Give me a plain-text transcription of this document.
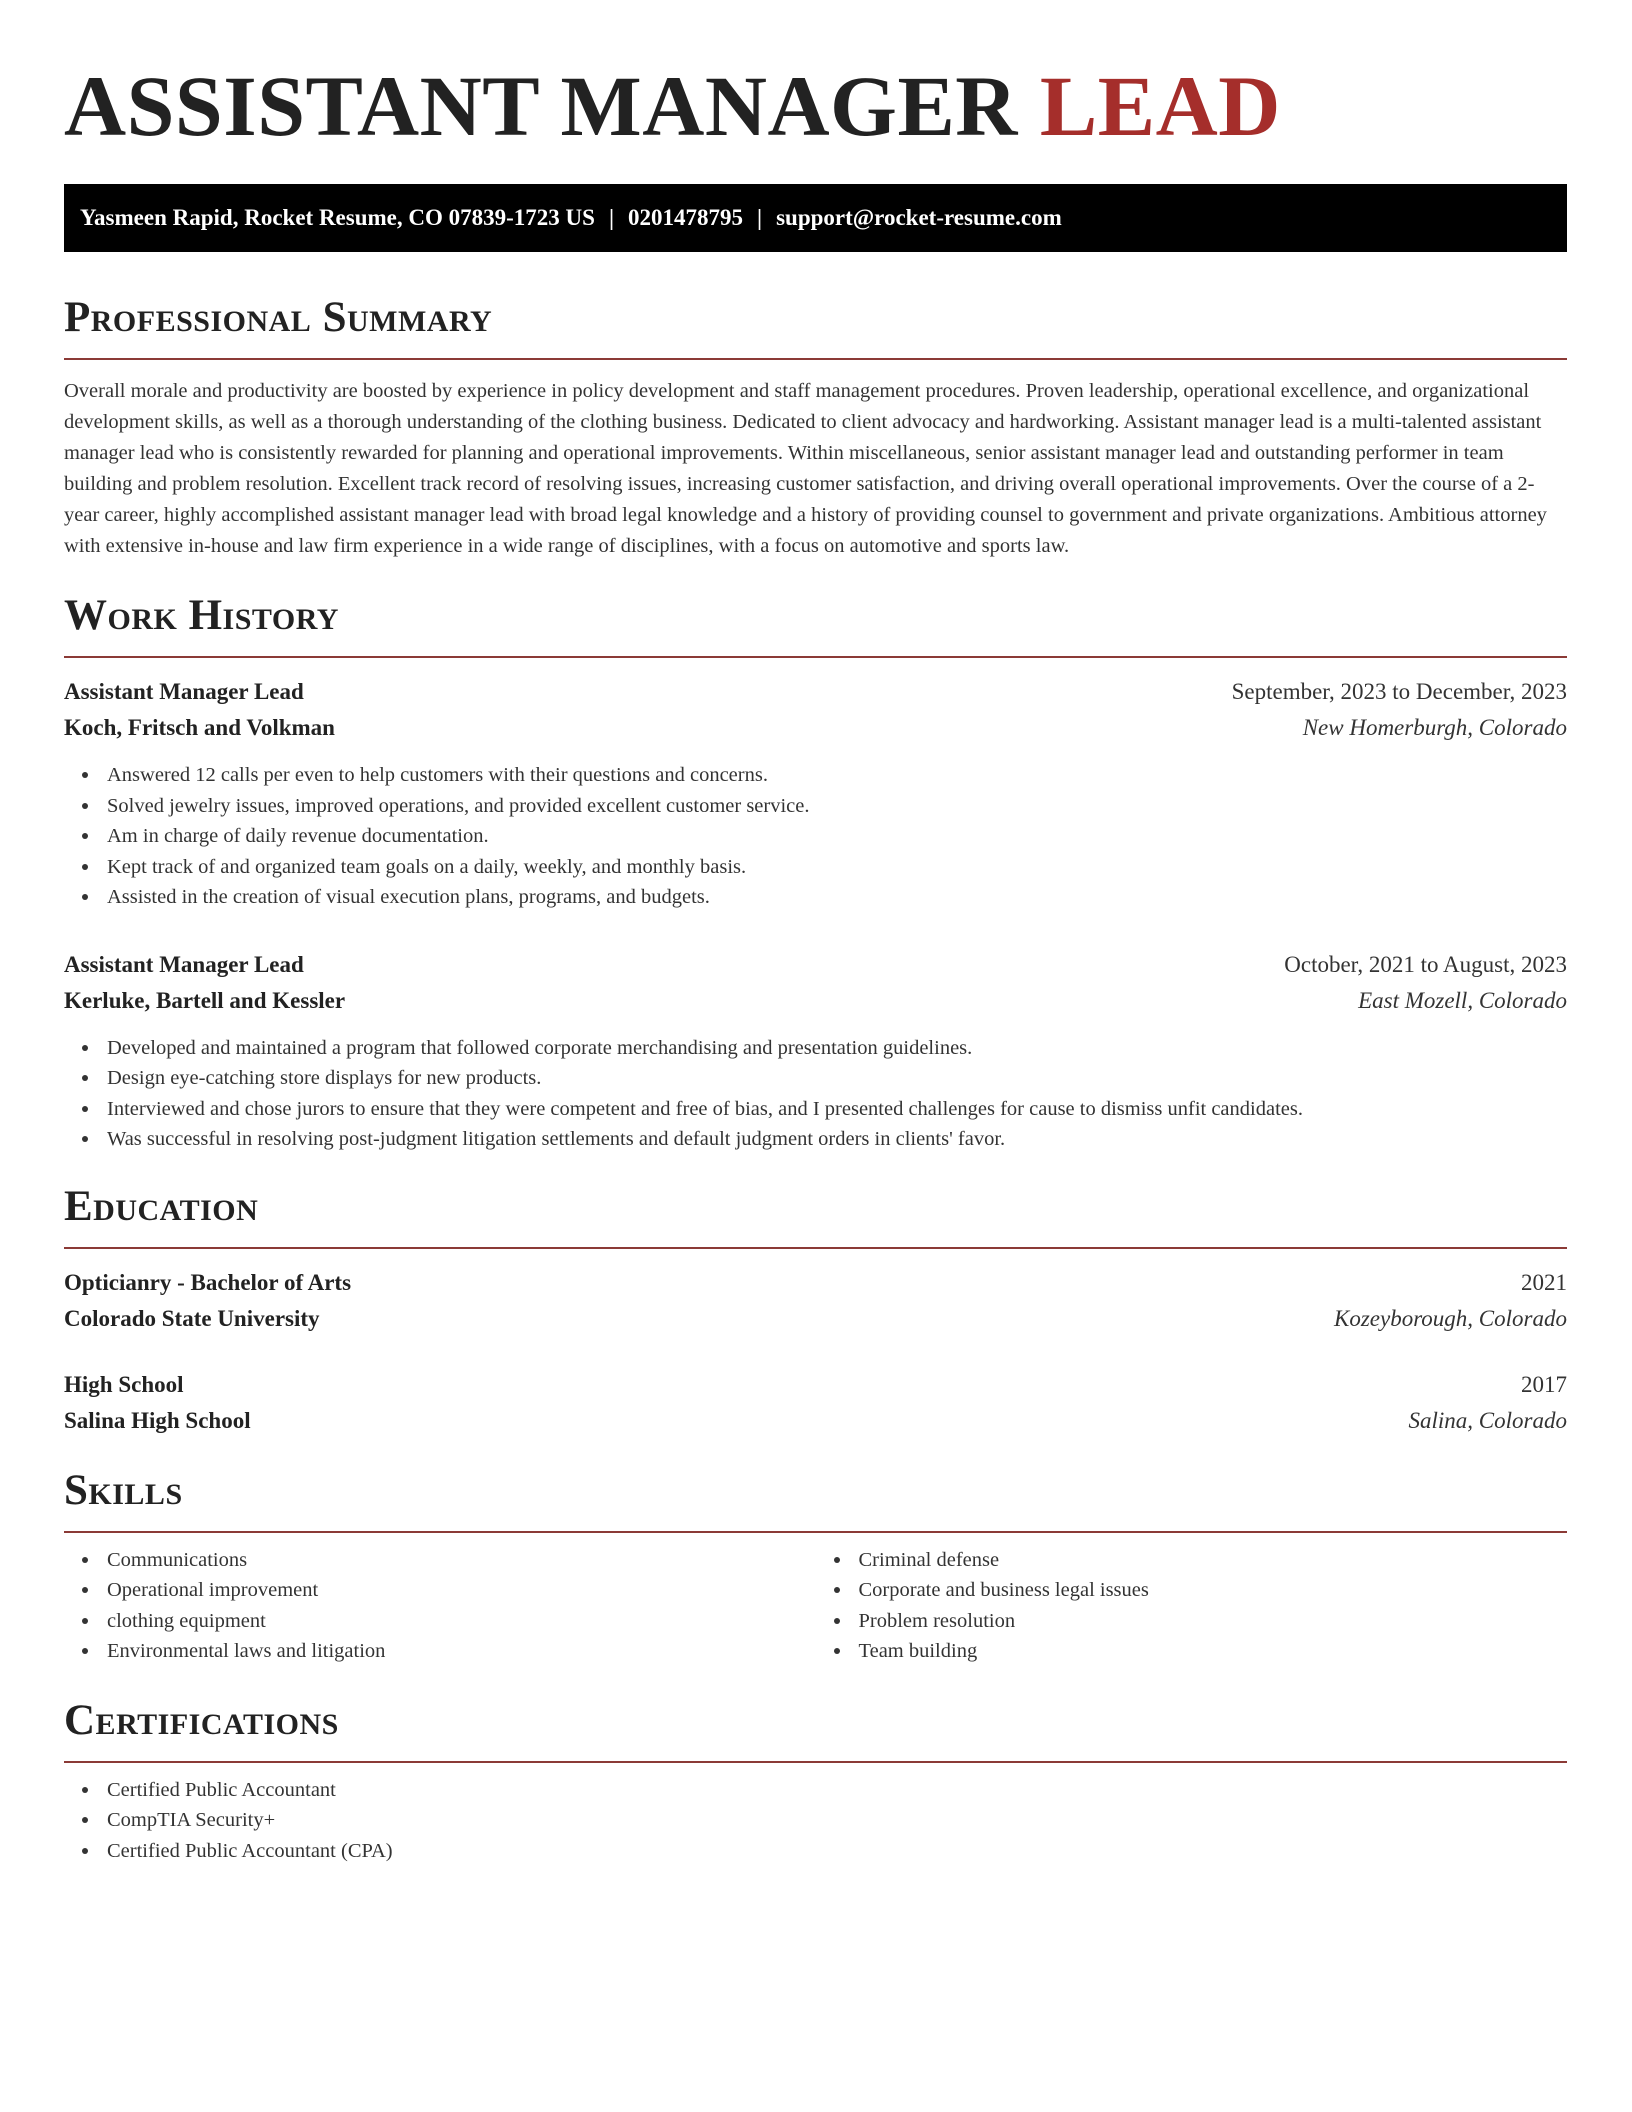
ASSISTANT MANAGER LEAD
Yasmeen Rapid, Rocket Resume, CO 07839-1723 US | 0201478795 | support@rocket-resume.com
Professional Summary

Overall morale and productivity are boosted by experience in policy development and staff management procedures. Proven leadership, operational excellence, and organizational development skills, as well as a thorough understanding of the clothing business. Dedicated to client advocacy and hardworking. Assistant manager lead is a multi-talented assistant manager lead who is consistently rewarded for planning and operational improvements. Within miscellaneous, senior assistant manager lead and outstanding performer in team building and problem resolution. Excellent track record of resolving issues, increasing customer satisfaction, and driving overall operational improvements. Over the course of a 2-year career, highly accomplished assistant manager lead with broad legal knowledge and a history of providing counsel to government and private organizations. Ambitious attorney with extensive in-house and law firm experience in a wide range of disciplines, with a focus on automotive and sports law.

Work History
Assistant Manager Lead	September, 2023 to December, 2023
Koch, Fritsch and Volkman	New Homerburgh, Colorado
Answered 12 calls per even to help customers with their questions and concerns.
Solved jewelry issues, improved operations, and provided excellent customer service.
Am in charge of daily revenue documentation.
Kept track of and organized team goals on a daily, weekly, and monthly basis.
Assisted in the creation of visual execution plans, programs, and budgets.
Assistant Manager Lead	October, 2021 to August, 2023
Kerluke, Bartell and Kessler	East Mozell, Colorado
Developed and maintained a program that followed corporate merchandising and presentation guidelines.
Design eye-catching store displays for new products.
Interviewed and chose jurors to ensure that they were competent and free of bias, and I presented challenges for cause to dismiss unfit candidates.
Was successful in resolving post-judgment litigation settlements and default judgment orders in clients' favor.
Education
Opticianry - Bachelor of Arts	2021
Colorado State University	Kozeyborough, Colorado
High School	2017
Salina High School	Salina, Colorado
Skills
Communications
Operational improvement
clothing equipment
Environmental laws and litigation
Criminal defense
Corporate and business legal issues
Problem resolution
Team building
Certifications
Certified Public Accountant
CompTIA Security+
Certified Public Accountant (CPA)
